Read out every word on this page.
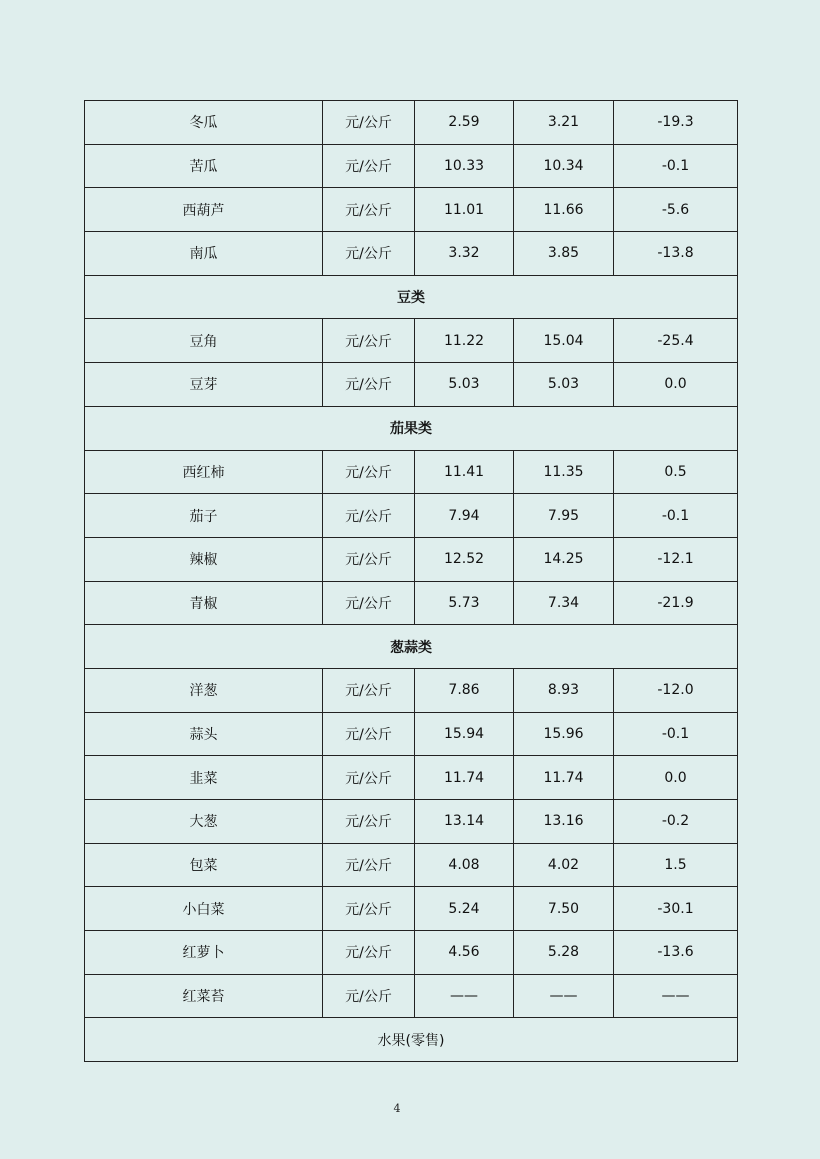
冬瓜	元/公斤	2.59	3.21	-19.3
苦瓜	元/公斤	10.33	10.34	-0.1
西葫芦	元/公斤	11.01	11.66	-5.6
南瓜	元/公斤	3.32	3.85	-13.8
豆类				
豆角	元/公斤	11.22	15.04	-25.4
豆芽	元/公斤	5.03	5.03	0.0
茄果类				
西红柿	元/公斤	11.41	11.35	0.5
茄子	元/公斤	7.94	7.95	-0.1
辣椒	元/公斤	12.52	14.25	-12.1
青椒	元/公斤	5.73	7.34	-21.9
葱蒜类				
洋葱	元/公斤	7.86	8.93	-12.0
蒜头	元/公斤	15.94	15.96	-0.1
韭菜	元/公斤	11.74	11.74	0.0
大葱	元/公斤	13.14	13.16	-0.2
包菜	元/公斤	4.08	4.02	1.5
小白菜	元/公斤	5.24	7.50	-30.1
红萝卜	元/公斤	4.56	5.28	-13.6
红菜苔	元/公斤	——	——	——
水果(零售)				
4
